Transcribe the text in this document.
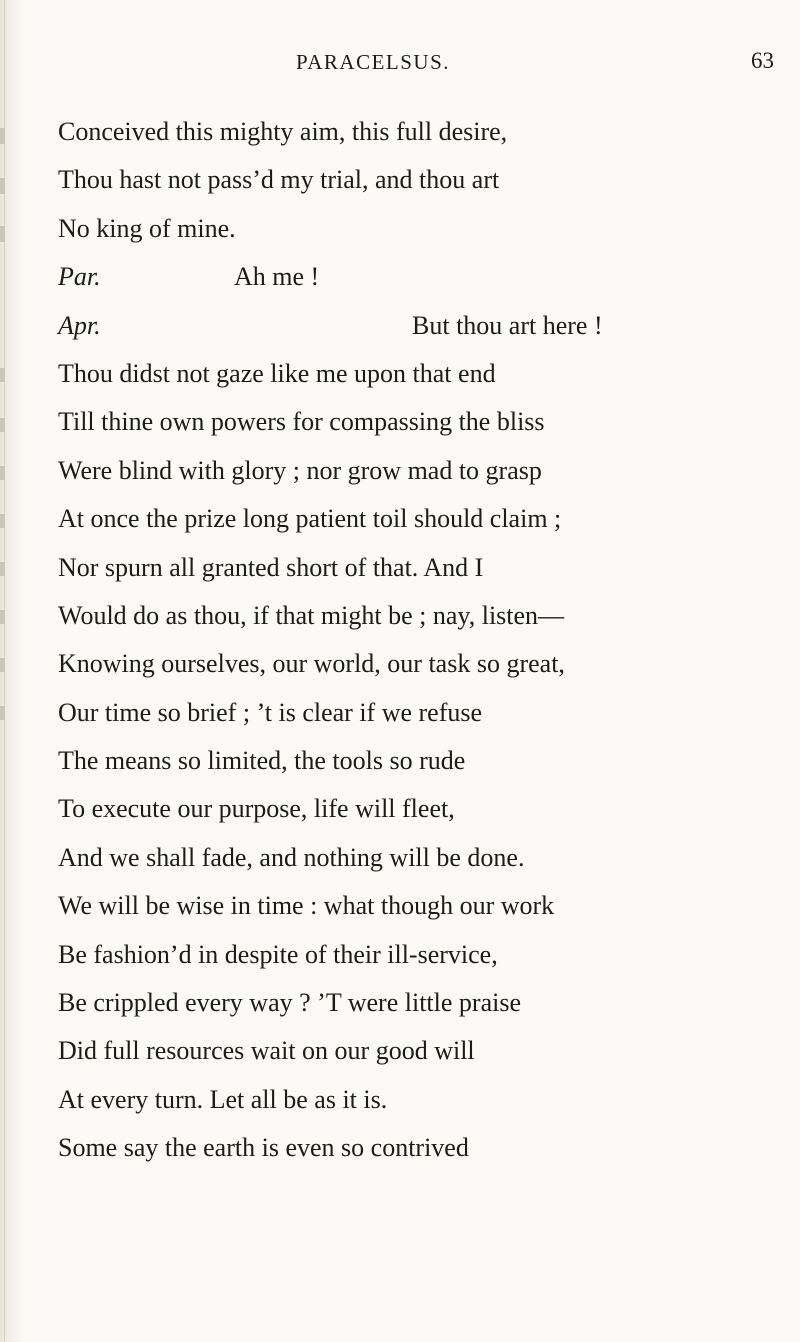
PARACELSUS.	63
Conceived this mighty aim, this full desire,
Thou hast not pass’d my trial, and thou art
No king of mine.
Par.	Ah me !
Apr.	But thou art here !
Thou didst not gaze like me upon that end
Till thine own powers for compassing the bliss
Were blind with glory ; nor grow mad to grasp
At once the prize long patient toil should claim ;
Nor spurn all granted short of that. And I
Would do as thou, if that might be ; nay, listen—
Knowing ourselves, our world, our task so great,
Our time so brief ; ’t is clear if we refuse
The means so limited, the tools so rude
To execute our purpose, life will fleet,
And we shall fade, and nothing will be done.
We will be wise in time : what though our work
Be fashion’d in despite of their ill-service,
Be crippled every way ? ’T were little praise
Did full resources wait on our good will
At every turn. Let all be as it is.
Some say the earth is even so contrived
